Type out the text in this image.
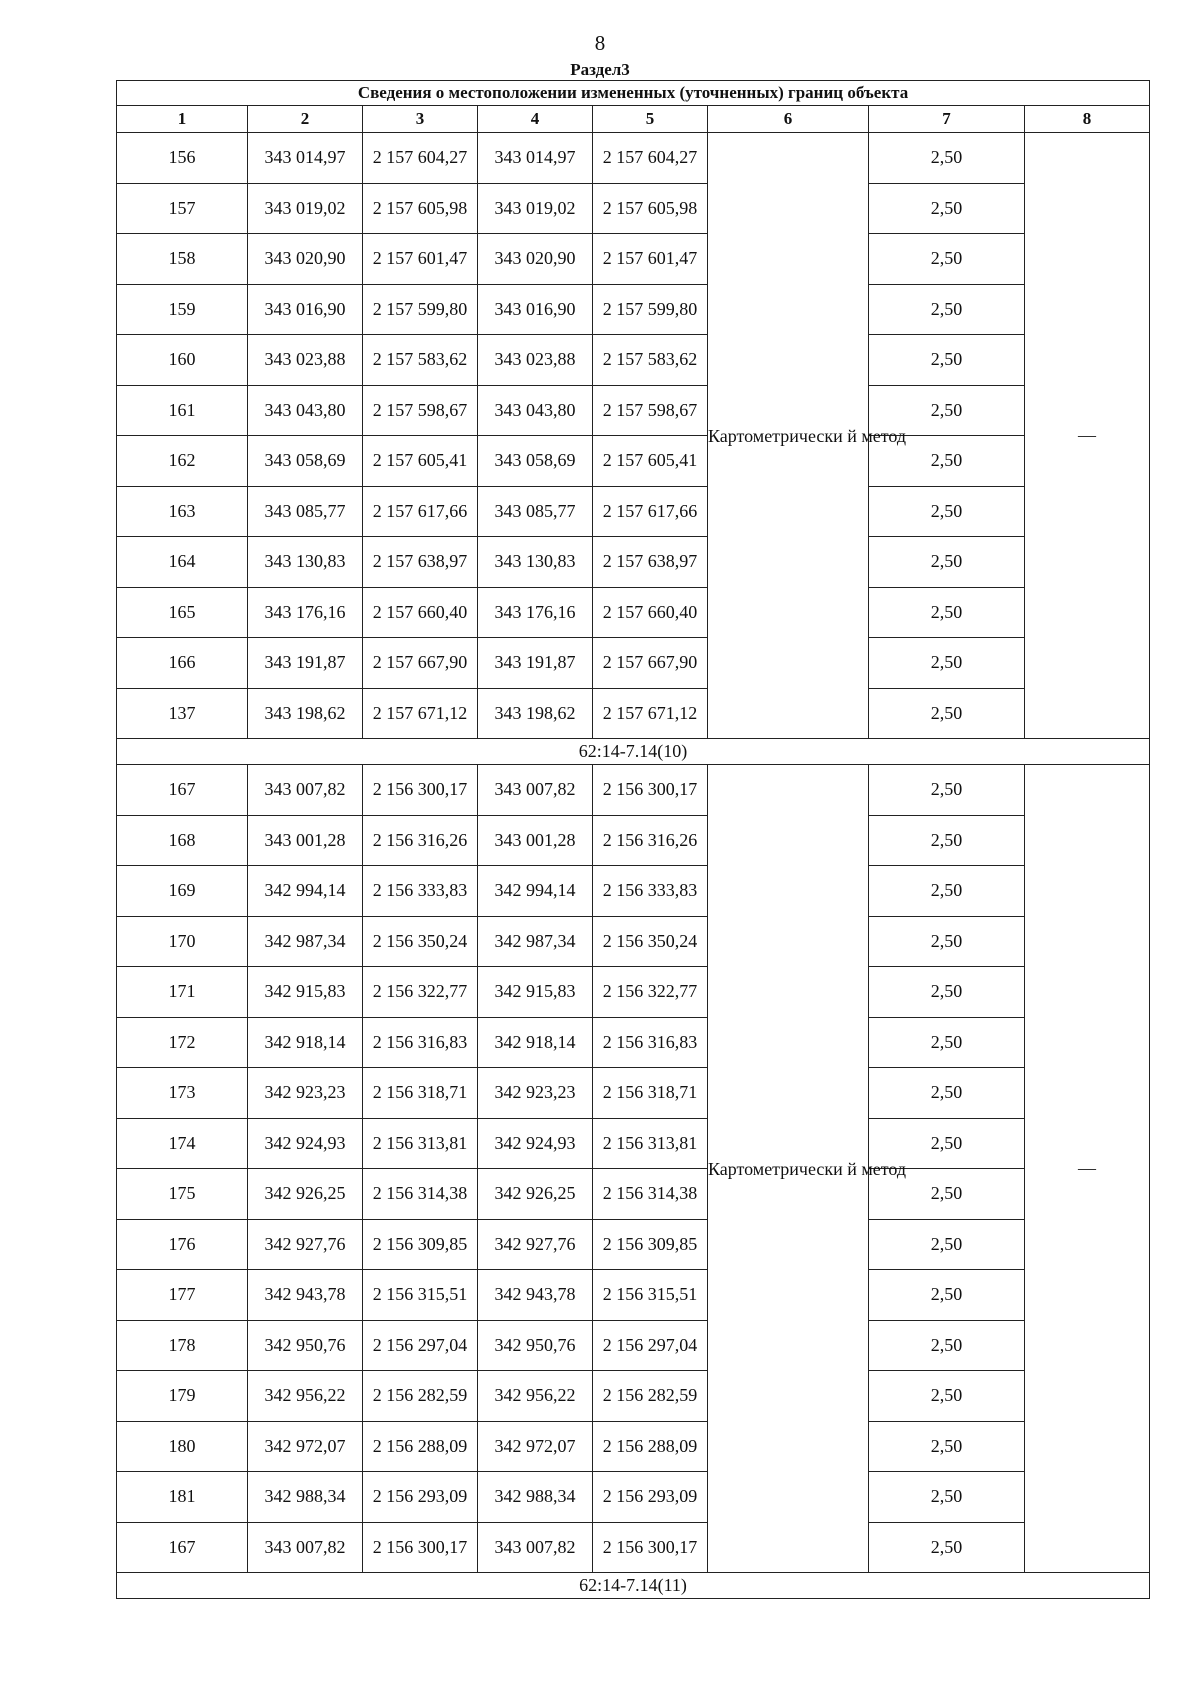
8
Раздел3
Сведения о местоположении измененных (уточненных) границ объекта							
1	2	3	4	5	6	7	8
156	343 014,97	2 157 604,27	343 014,97	2 157 604,27	Картометрически й метод	2,50	—
157	343 019,02	2 157 605,98	343 019,02	2 157 605,98		2,50	
158	343 020,90	2 157 601,47	343 020,90	2 157 601,47		2,50	
159	343 016,90	2 157 599,80	343 016,90	2 157 599,80		2,50	
160	343 023,88	2 157 583,62	343 023,88	2 157 583,62		2,50	
161	343 043,80	2 157 598,67	343 043,80	2 157 598,67		2,50	
162	343 058,69	2 157 605,41	343 058,69	2 157 605,41		2,50	
163	343 085,77	2 157 617,66	343 085,77	2 157 617,66		2,50	
164	343 130,83	2 157 638,97	343 130,83	2 157 638,97		2,50	
165	343 176,16	2 157 660,40	343 176,16	2 157 660,40		2,50	
166	343 191,87	2 157 667,90	343 191,87	2 157 667,90		2,50	
137	343 198,62	2 157 671,12	343 198,62	2 157 671,12		2,50	
62:14-7.14(10)							
167	343 007,82	2 156 300,17	343 007,82	2 156 300,17	Картометрически й метод	2,50	—
168	343 001,28	2 156 316,26	343 001,28	2 156 316,26		2,50	
169	342 994,14	2 156 333,83	342 994,14	2 156 333,83		2,50	
170	342 987,34	2 156 350,24	342 987,34	2 156 350,24		2,50	
171	342 915,83	2 156 322,77	342 915,83	2 156 322,77		2,50	
172	342 918,14	2 156 316,83	342 918,14	2 156 316,83		2,50	
173	342 923,23	2 156 318,71	342 923,23	2 156 318,71		2,50	
174	342 924,93	2 156 313,81	342 924,93	2 156 313,81		2,50	
175	342 926,25	2 156 314,38	342 926,25	2 156 314,38		2,50	
176	342 927,76	2 156 309,85	342 927,76	2 156 309,85		2,50	
177	342 943,78	2 156 315,51	342 943,78	2 156 315,51		2,50	
178	342 950,76	2 156 297,04	342 950,76	2 156 297,04		2,50	
179	342 956,22	2 156 282,59	342 956,22	2 156 282,59		2,50	
180	342 972,07	2 156 288,09	342 972,07	2 156 288,09		2,50	
181	342 988,34	2 156 293,09	342 988,34	2 156 293,09		2,50	
167	343 007,82	2 156 300,17	343 007,82	2 156 300,17		2,50	
62:14-7.14(11)							
